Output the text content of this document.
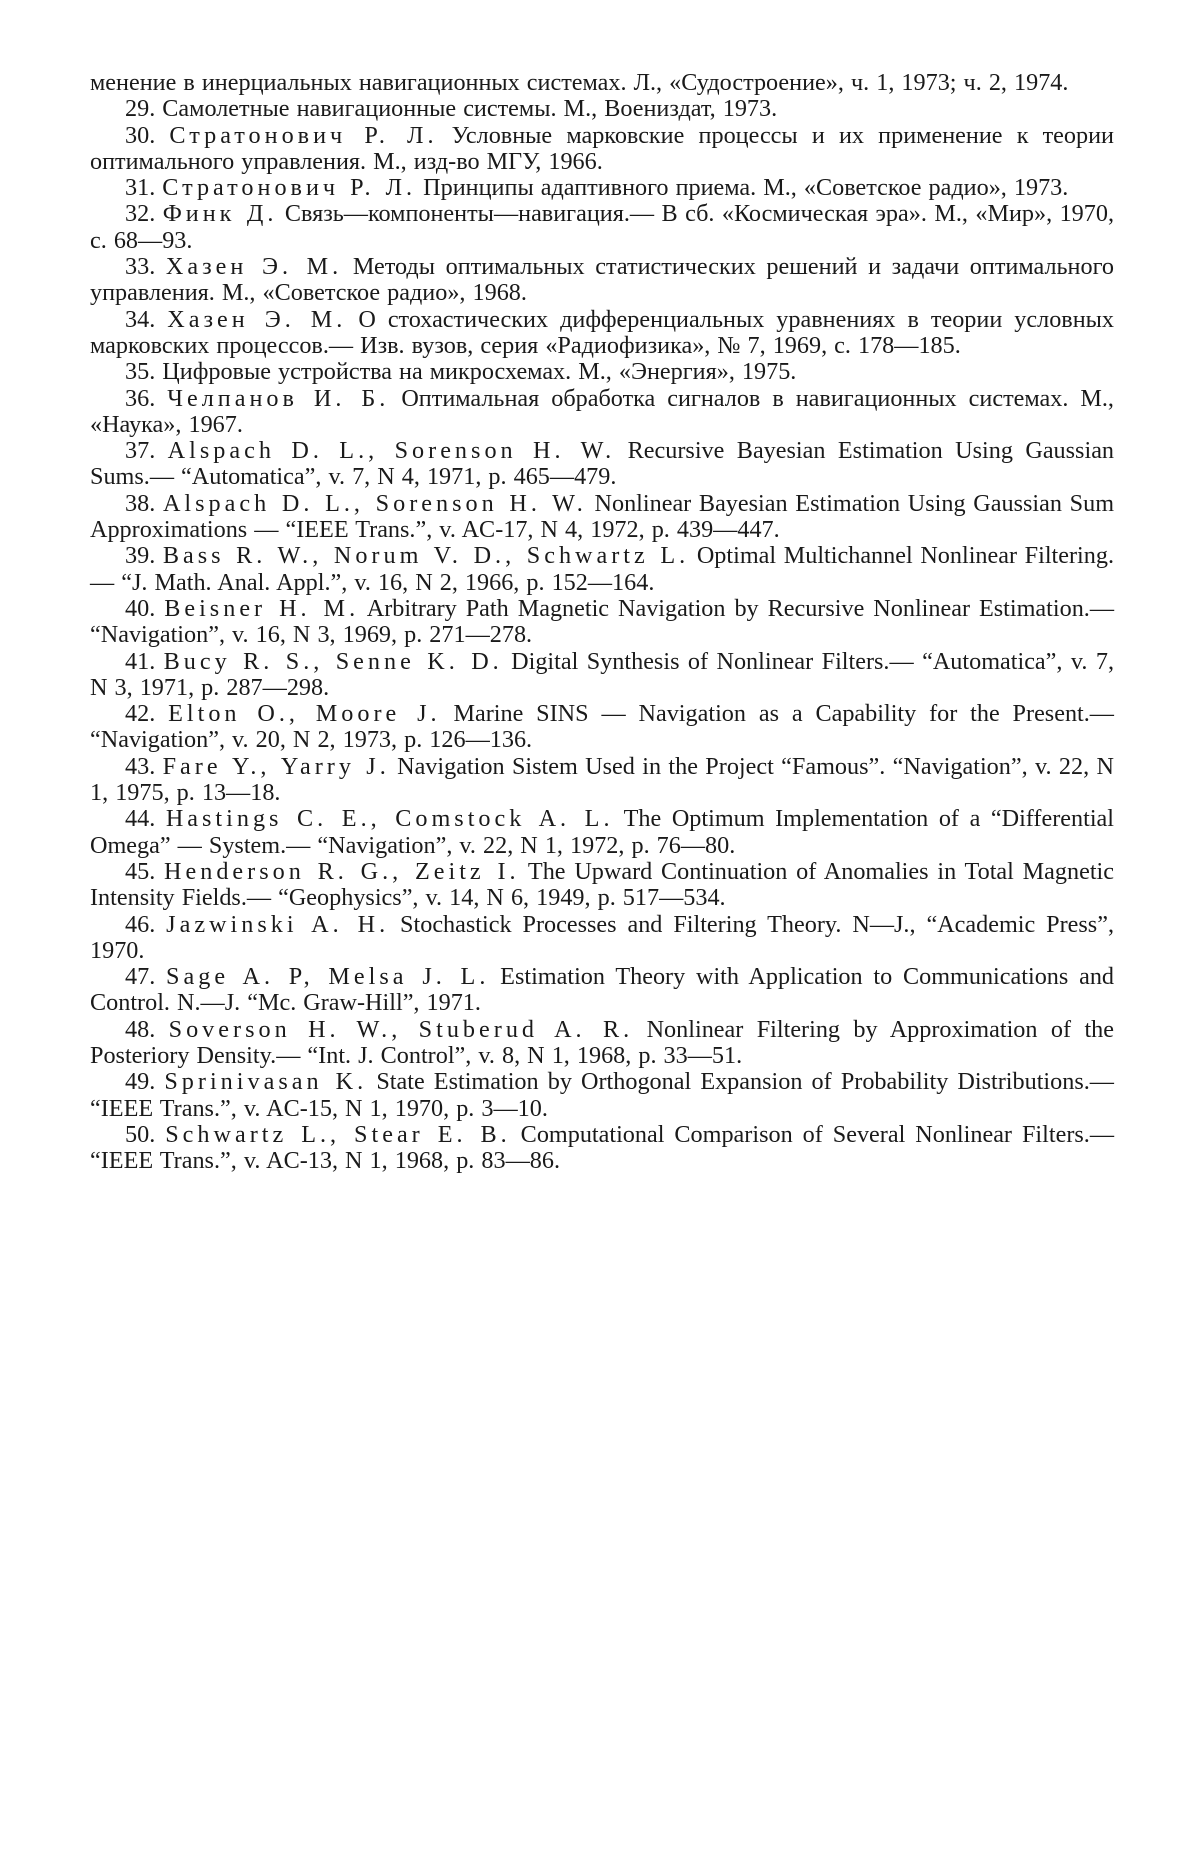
менение в инерциальных навигационных системах. Л., «Судостроение», ч. 1, 1973; ч. 2, 1974.

29. Самолетные навигационные системы. М., Воениздат, 1973.

30. Стратонович Р. Л. Условные марковские процессы и их применение к теории оптимального управления. М., изд-во МГУ, 1966.

31. Стратонович Р. Л. Принципы адаптивного приема. М., «Советское радио», 1973.

32. Финк Д. Связь—компоненты—навигация.— В сб. «Космическая эра». М., «Мир», 1970, с. 68—93.

33. Хазен Э. М. Методы оптимальных статистических решений и задачи оптимального управления. М., «Советское радио», 1968.

34. Хазен Э. М. О стохастических дифференциальных уравнениях в теории условных марковских процессов.— Изв. вузов, серия «Радиофизика», № 7, 1969, с. 178—185.

35. Цифровые устройства на микросхемах. М., «Энергия», 1975.

36. Челпанов И. Б. Оптимальная обработка сигналов в навигационных системах. М., «Наука», 1967.

37. Alspach D. L., Sorenson H. W. Recursive Bayesian Estimation Using Gaussian Sums.— “Automatica”, v. 7, N 4, 1971, p. 465—479.

38. Alspach D. L., Sorenson H. W. Nonlinear Bayesian Estimation Using Gaussian Sum Approximations — “IEEE Trans.”, v. AC-17, N 4, 1972, p. 439—447.

39. Bass R. W., Norum V. D., Schwartz L. Optimal Multichannel Nonlinear Filtering.— “J. Math. Anal. Appl.”, v. 16, N 2, 1966, p. 152—164.

40. Beisner H. M. Arbitrary Path Magnetic Navigation by Recursive Nonlinear Estimation.— “Navigation”, v. 16, N 3, 1969, p. 271—278.

41. Bucy R. S., Senne K. D. Digital Synthesis of Nonlinear Filters.— “Automatica”, v. 7, N 3, 1971, p. 287—298.

42. Elton O., Moore J. Marine SINS — Navigation as a Capability for the Present.— “Navigation”, v. 20, N 2, 1973, p. 126—136.

43. Fare Y., Yarry J. Navigation Sistem Used in the Project “Famous”. “Navigation”, v. 22, N 1, 1975, p. 13—18.

44. Hastings C. E., Comstock A. L. The Optimum Implementation of a “Differential Omega” — System.— “Navigation”, v. 22, N 1, 1972, p. 76—80.

45. Henderson R. G., Zeitz I. The Upward Continuation of Anomalies in Total Magnetic Intensity Fields.— “Geophysics”, v. 14, N 6, 1949, p. 517—534.

46. Jazwinski A. H. Stochastick Processes and Filtering Theory. N—J., “Academic Press”, 1970.

47. Sage A. P, Melsa J. L. Estimation Theory with Application to Communications and Control. N.—J. “Mc. Graw-Hill”, 1971.

48. Soverson H. W., Stuberud A. R. Nonlinear Filtering by Approximation of the Posteriory Density.— “Int. J. Control”, v. 8, N 1, 1968, p. 33—51.

49. Sprinivasan K. State Estimation by Orthogonal Expansion of Probability Distributions.— “IEEE Trans.”, v. AC-15, N 1, 1970, p. 3—10.

50. Schwartz L., Stear E. B. Computational Comparison of Several Nonlinear Filters.— “IEEE Trans.”, v. AC-13, N 1, 1968, p. 83—86.
